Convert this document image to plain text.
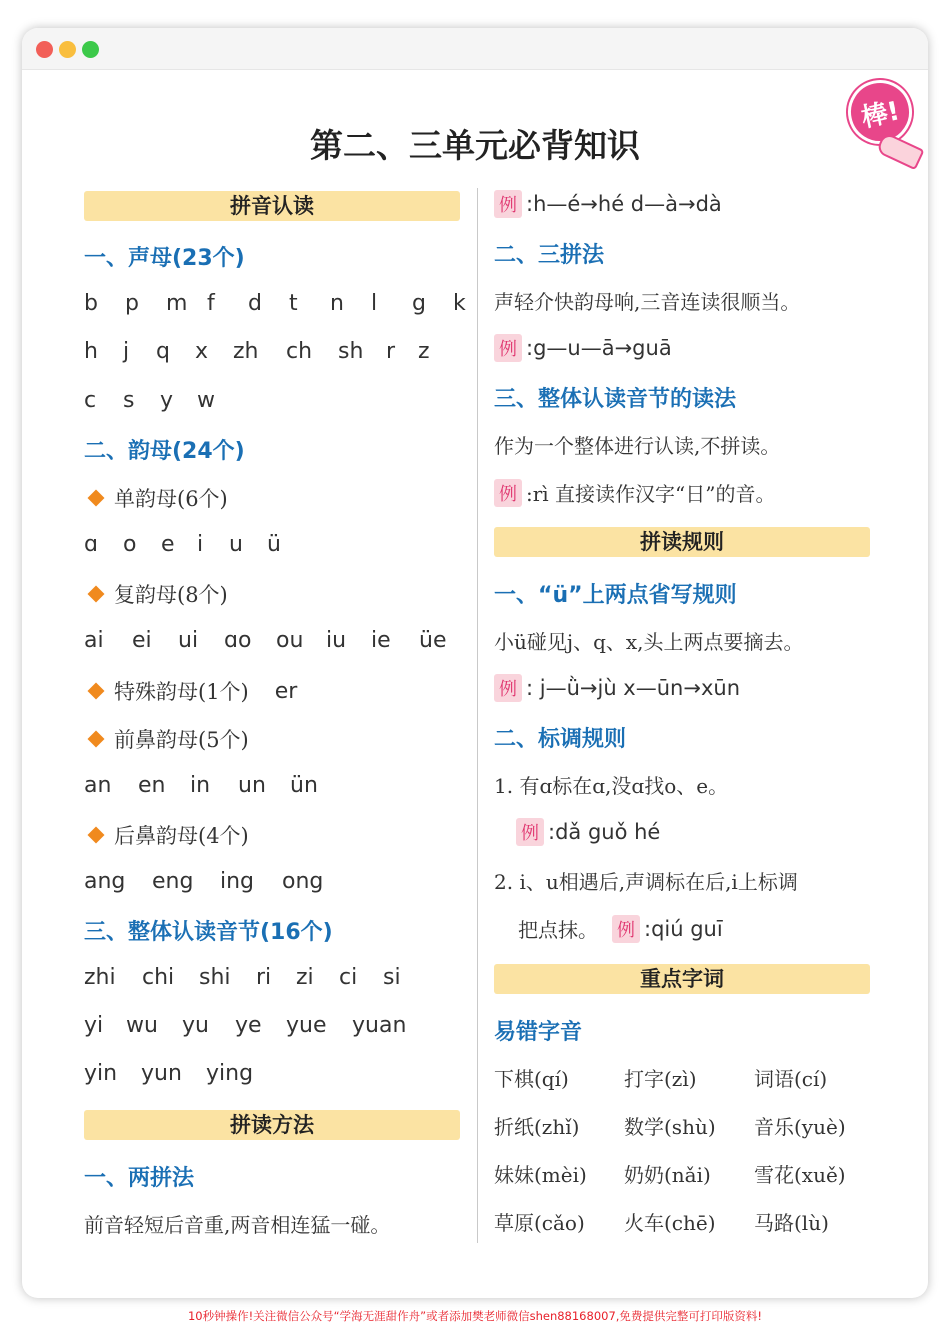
棒!
第二、三单元必背知识
拼音认读
一、声母(23个)
b	p	m f	d	t	n	l	g	k
h	j	q	x	zh	ch	sh	r	z
c	s	y	w
二、韵母(24个)
单韵母(6个)
ɑ	o	e	i	u	ü
复韵母(8个)
ai	ei	ui	ɑo	ou	iu	ie	üe
特殊韵母(1个) er
前鼻韵母(5个)
an	en	in	un	ün
后鼻韵母(4个)
ang	eng	ing	ong
三、整体认读音节(16个)
zhi	chi	shi	ri	zi	ci	si
yi	wu	yu	ye	yue	yuan
yin	yun	ying
拼读方法
一、两拼法
前音轻短后音重,两音相连猛一碰。
例 :h—é→hé d—à→dà
二、三拼法
声轻介快韵母响,三音连读很顺当。
例 :g—u—ā→guā
三、整体认读音节的读法
作为一个整体进行认读,不拼读。
例 :rì 直接读作汉字“日”的音。
拼读规则
一、“ü”上两点省写规则
小ü碰见j、q、x,头上两点要摘去。
例 : j—ǜ→jù x—ūn→xūn
二、标调规则
1. 有ɑ标在ɑ,没ɑ找o、e。
例 :dǎ guǒ hé
2. i、u相遇后,声调标在后,i上标调
把点抹。 例 :qiú guī
重点字词
易错字音
下棋(qí)	打字(zì)	词语(cí)
折纸(zhǐ)	数学(shù)	音乐(yuè)
妹妹(mèi)	奶奶(nǎi)	雪花(xuě)
草原(cǎo)	火车(chē)	马路(lù)
10秒钟操作!关注微信公众号“学海无涯甜作舟”或者添加樊老师微信shen88168007,免费提供完整可打印版资料!
